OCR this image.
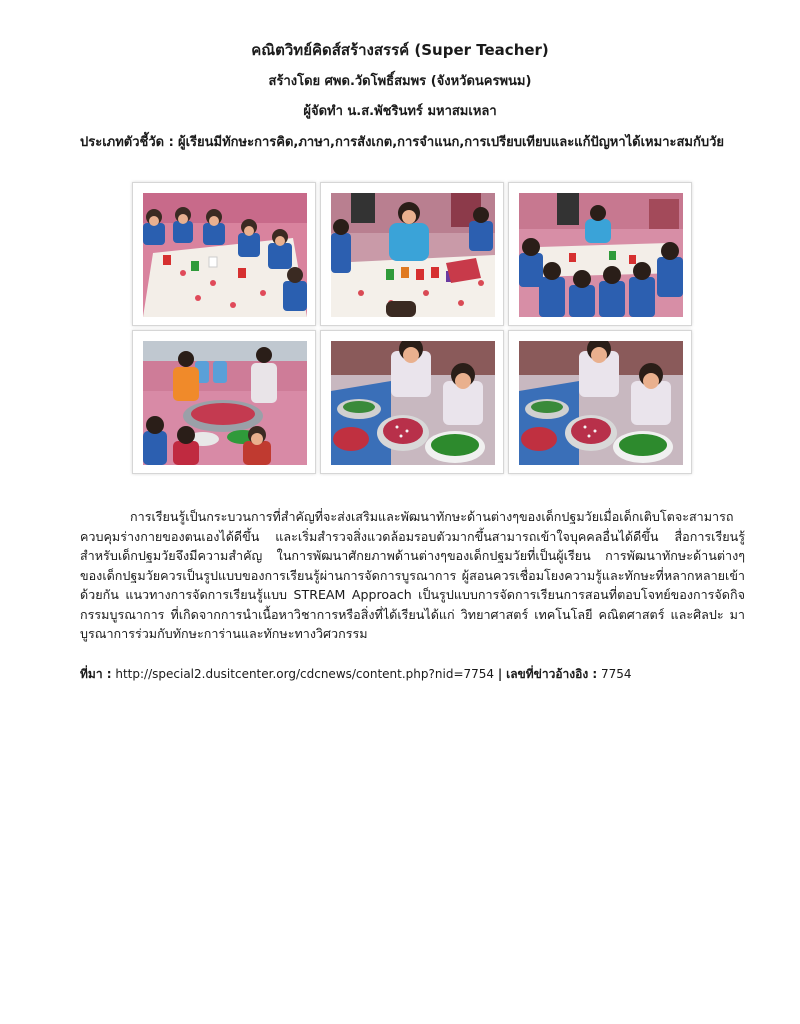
คณิตวิทย์คิดส์สร้างสรรค์ (Super Teacher)
สร้างโดย ศพด.วัดโพธิ์สมพร (จังหวัดนครพนม)
ผู้จัดทำ น.ส.พัชรินทร์ มหาสมเหลา
ประเภทตัวชี้วัด : ผู้เรียนมีทักษะการคิด,ภาษา,การสังเกต,การจำแนก,การเปรียบเทียบและแก้ปัญหาได้เหมาะสมกับวัย
การเรียนรู้เป็นกระบวนการที่สำคัญที่จะส่งเสริมและพัฒนาทักษะด้านต่างๆของเด็กปฐมวัยเมื่อเด็กเติบโตจะสามารถควบคุมร่างกายของตนเองได้ดีขึ้น และเริ่มสำรวจสิ่งแวดล้อมรอบตัวมากขึ้นสามารถเข้าใจบุคคลอื่นได้ดีขึ้น สื่อการเรียนรู้สำหรับเด็กปฐมวัยจึงมีความสำคัญ ในการพัฒนาศักยภาพด้านต่างๆของเด็กปฐมวัยที่เป็นผู้เรียน การพัฒนาทักษะด้านต่างๆของเด็กปฐมวัยควรเป็นรูปแบบของการเรียนรู้ผ่านการจัดการบูรณาการ ผู้สอนควรเชื่อมโยงความรู้และทักษะที่หลากหลายเข้าด้วยกัน แนวทางการจัดการเรียนรู้แบบ STREAM Approach เป็นรูปแบบการจัดการเรียนการสอนที่ตอบโจทย์ของการจัดกิจกรรมบูรณาการ ที่เกิดจากการนำเนื้อหาวิชาการหรือสิ่งที่ได้เรียนได้แก่ วิทยาศาสตร์ เทคโนโลยี คณิตศาสตร์ และศิลปะ มาบูรณาการร่วมกับทักษะการ่านและทักษะทางวิศวกรรม
ที่มา : http://special2.dusitcenter.org/cdcnews/content.php?nid=7754 | เลขที่ข่าวอ้างอิง : 7754
